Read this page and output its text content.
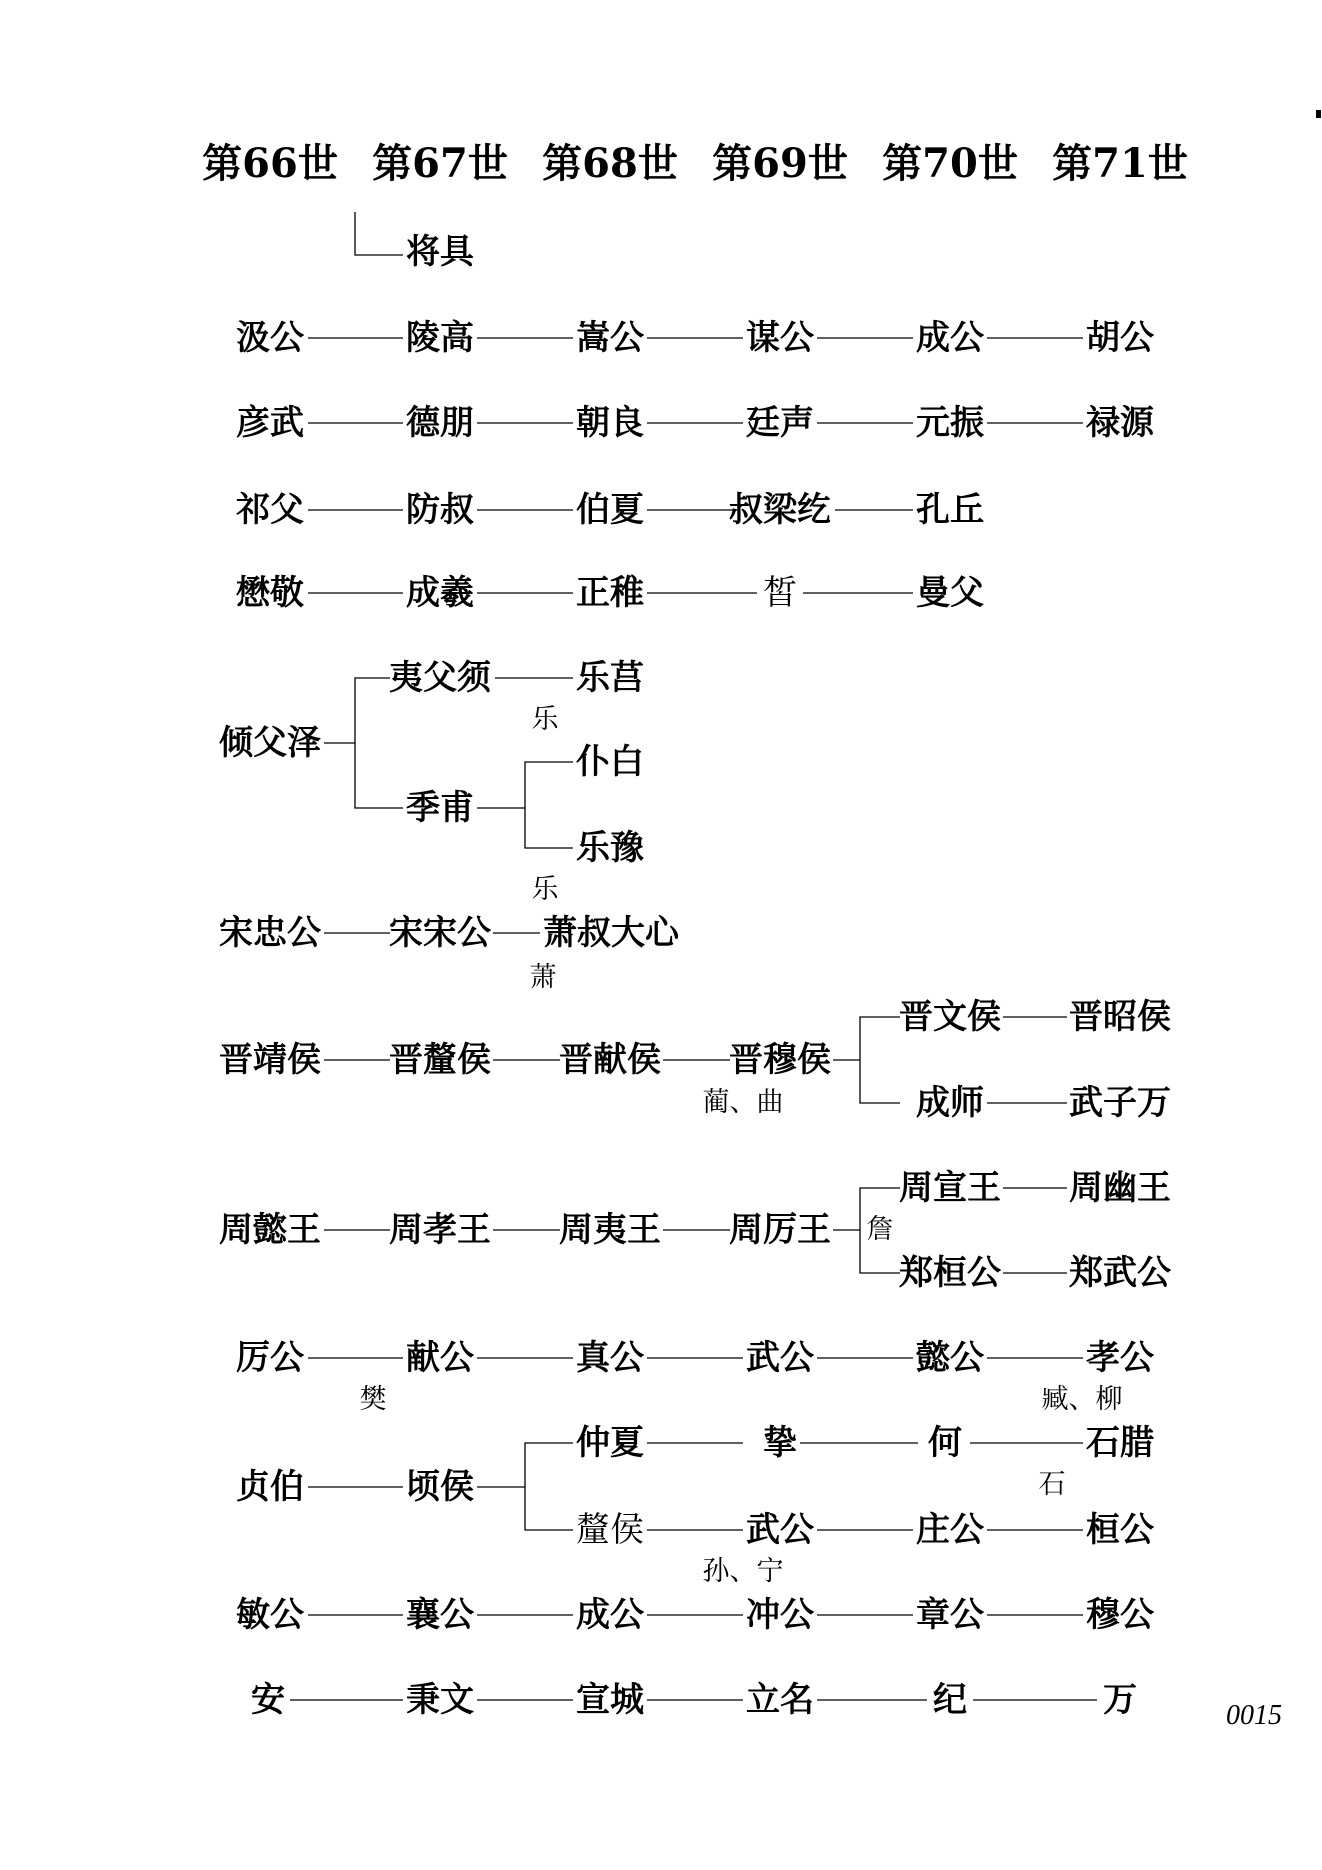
第66世 第67世 第68世 第69世 第70世 第71世
将具
汲公	陵高	嵩公	谋公	成公	胡公
彦武	德朋	朝良	廷声	元振	禄源
祁父	防叔	伯夏	叔梁纥	孔丘
懋敬	成羲	正稚	皙	曼父
倾父泽
夷父须	乐莒
乐
季甫
仆白
乐豫
乐
宋忠公 宋宋公 萧叔大心
萧
晋靖侯 晋釐侯 晋献侯 晋穆侯
蔺、曲
晋文侯 晋昭侯
成师	武子万
周懿王 周孝王 周夷王 周厉王 詹
周宣王 周幽王
郑桓公 郑武公
厉公	献公	真公	武公	懿公	孝公
樊	臧、柳
贞伯	顷侯
仲夏	挚	何	石腊
石
釐侯	武公	庄公	桓公
孙、宁
敏公	襄公	成公	冲公	章公	穆公
安	秉文	宣城	立名	纪	万	0015
